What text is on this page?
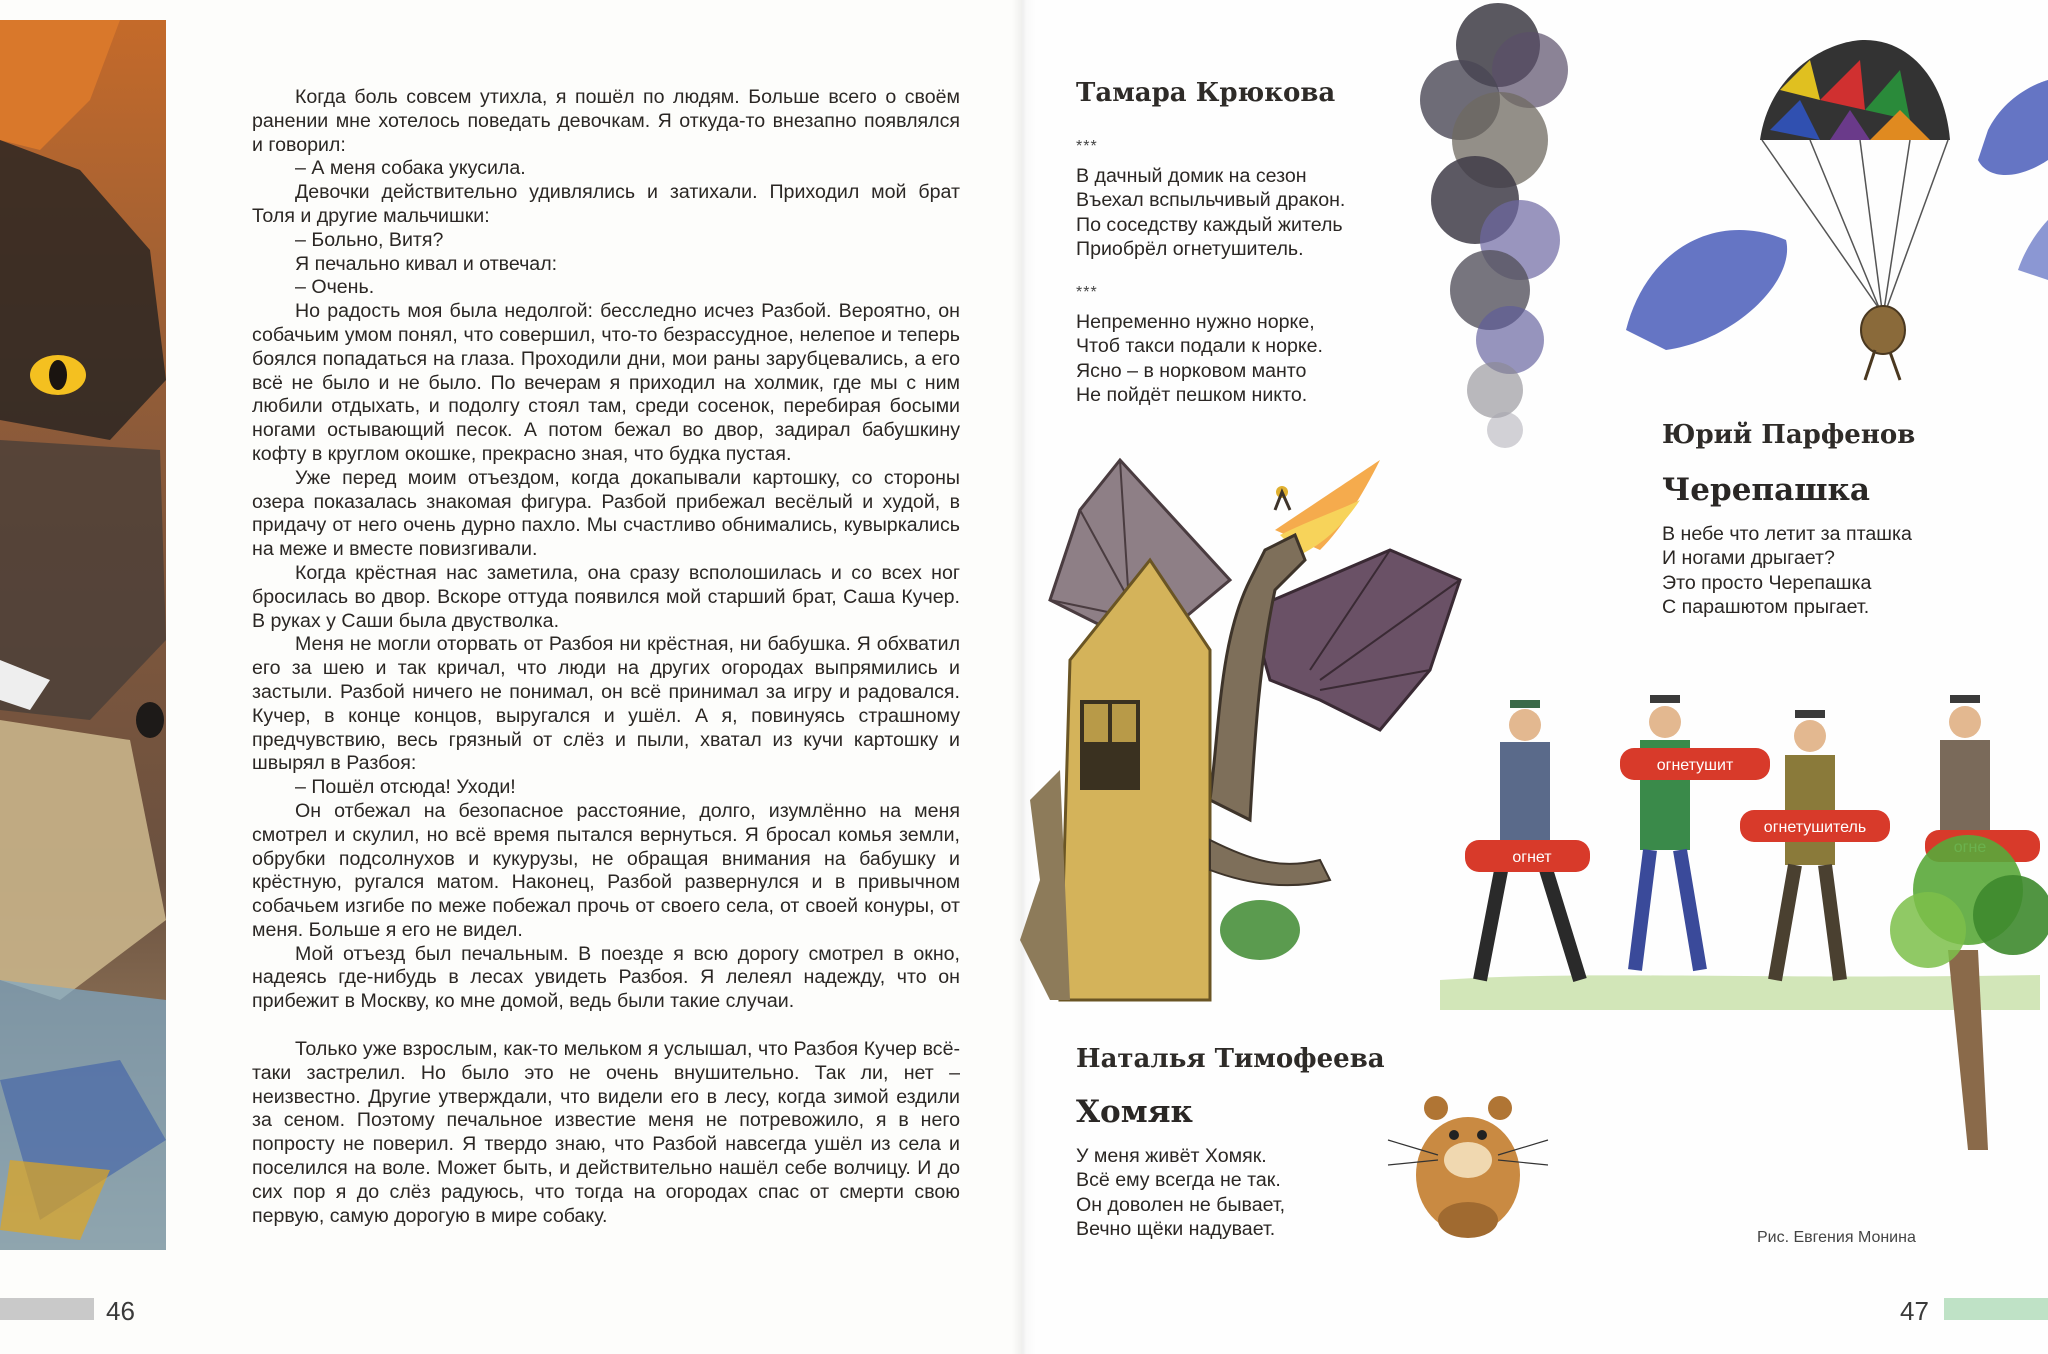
Когда боль совсем утихла, я пошёл по людям. Больше всего о своём ранении мне хотелось поведать девочкам. Я откуда-то внезапно появлялся и говорил:

– А меня собака укусила.

Девочки действительно удивлялись и затихали. Приходил мой брат Толя и другие мальчишки:

– Больно, Витя?

Я печально кивал и отвечал:

– Очень.

Но радость моя была недолгой: бесследно исчез Разбой. Вероятно, он собачьим умом понял, что совершил, что-то безрассудное, нелепое и теперь боялся попадаться на глаза. Проходили дни, мои раны зарубцевались, а его всё не было и не было. По вечерам я приходил на холмик, где мы с ним любили отдыхать, и подолгу стоял там, среди сосенок, перебирая босыми ногами остывающий песок. А потом бежал во двор, задирал бабушкину кофту в круглом окошке, прекрасно зная, что будка пустая.

Уже перед моим отъездом, когда докапывали картошку, со стороны озера показалась знакомая фигура. Разбой прибежал весёлый и худой, в придачу от него очень дурно пахло. Мы счастливо обнимались, кувыркались на меже и вместе повизгивали.

Когда крёстная нас заметила, она сразу всполошилась и со всех ног бросилась во двор. Вскоре оттуда появился мой старший брат, Саша Кучер. В руках у Саши была двустволка.

Меня не могли оторвать от Разбоя ни крёстная, ни бабушка. Я обхватил его за шею и так кричал, что люди на других огородах выпрямились и застыли. Разбой ничего не понимал, он всё принимал за игру и радовался. Кучер, в конце концов, выругался и ушёл. А я, повинуясь страшному предчувствию, весь грязный от слёз и пыли, хватал из кучи картошку и швырял в Разбоя:

– Пошёл отсюда! Уходи!

Он отбежал на безопасное расстояние, долго, изумлённо на меня смотрел и скулил, но всё время пытался вернуться. Я бросал комья земли, обрубки подсолнухов и кукурузы, не обращая внимания на бабушку и крёстную, ругался матом. Наконец, Разбой развернулся и в привычном собачьем изгибе по меже побежал прочь от своего села, от своей конуры, от меня. Больше я его не видел.

Мой отъезд был печальным. В поезде я всю дорогу смотрел в окно, надеясь где-нибудь в лесах увидеть Разбоя. Я лелеял надежду, что он прибежит в Москву, ко мне домой, ведь были такие случаи.

Только уже взрослым, как-то мельком я услышал, что Разбоя Кучер всё-таки застрелил. Но было это не очень внушительно. Так ли, нет – неизвестно. Другие утверждали, что видели его в лесу, когда зимой ездили за сеном. Поэтому печальное известие меня не потревожило, я в него попросту не поверил. Я твердо знаю, что Разбой навсегда ушёл из села и поселился на воле. Может быть, и действительно нашёл себе волчицу. И до сих пор я до слёз радуюсь, что тогда на огородах спас от смерти свою первую, самую дорогую в мире собаку.

46	47
Тамара Крюкова
***
В дачный домик на сезон
Въехал вспыльчивый дракон.
По соседству каждый житель
Приобрёл огнетушитель.
***
Непременно нужно норке,
Чтоб такси подали к норке.
Ясно – в норковом манто
Не пойдёт пешком никто.
Юрий Парфенов
Черепашка
В небе что летит за пташка
И ногами дрыгает?
Это просто Черепашка
С парашютом прыгает.
Наталья Тимофеева
Хомяк
У меня живёт Хомяк.
Всё ему всегда не так.
Он доволен не бывает,
Вечно щёки надувает.	Рис. Евгения Монина
огнет
огнетушит
огнетушитель
